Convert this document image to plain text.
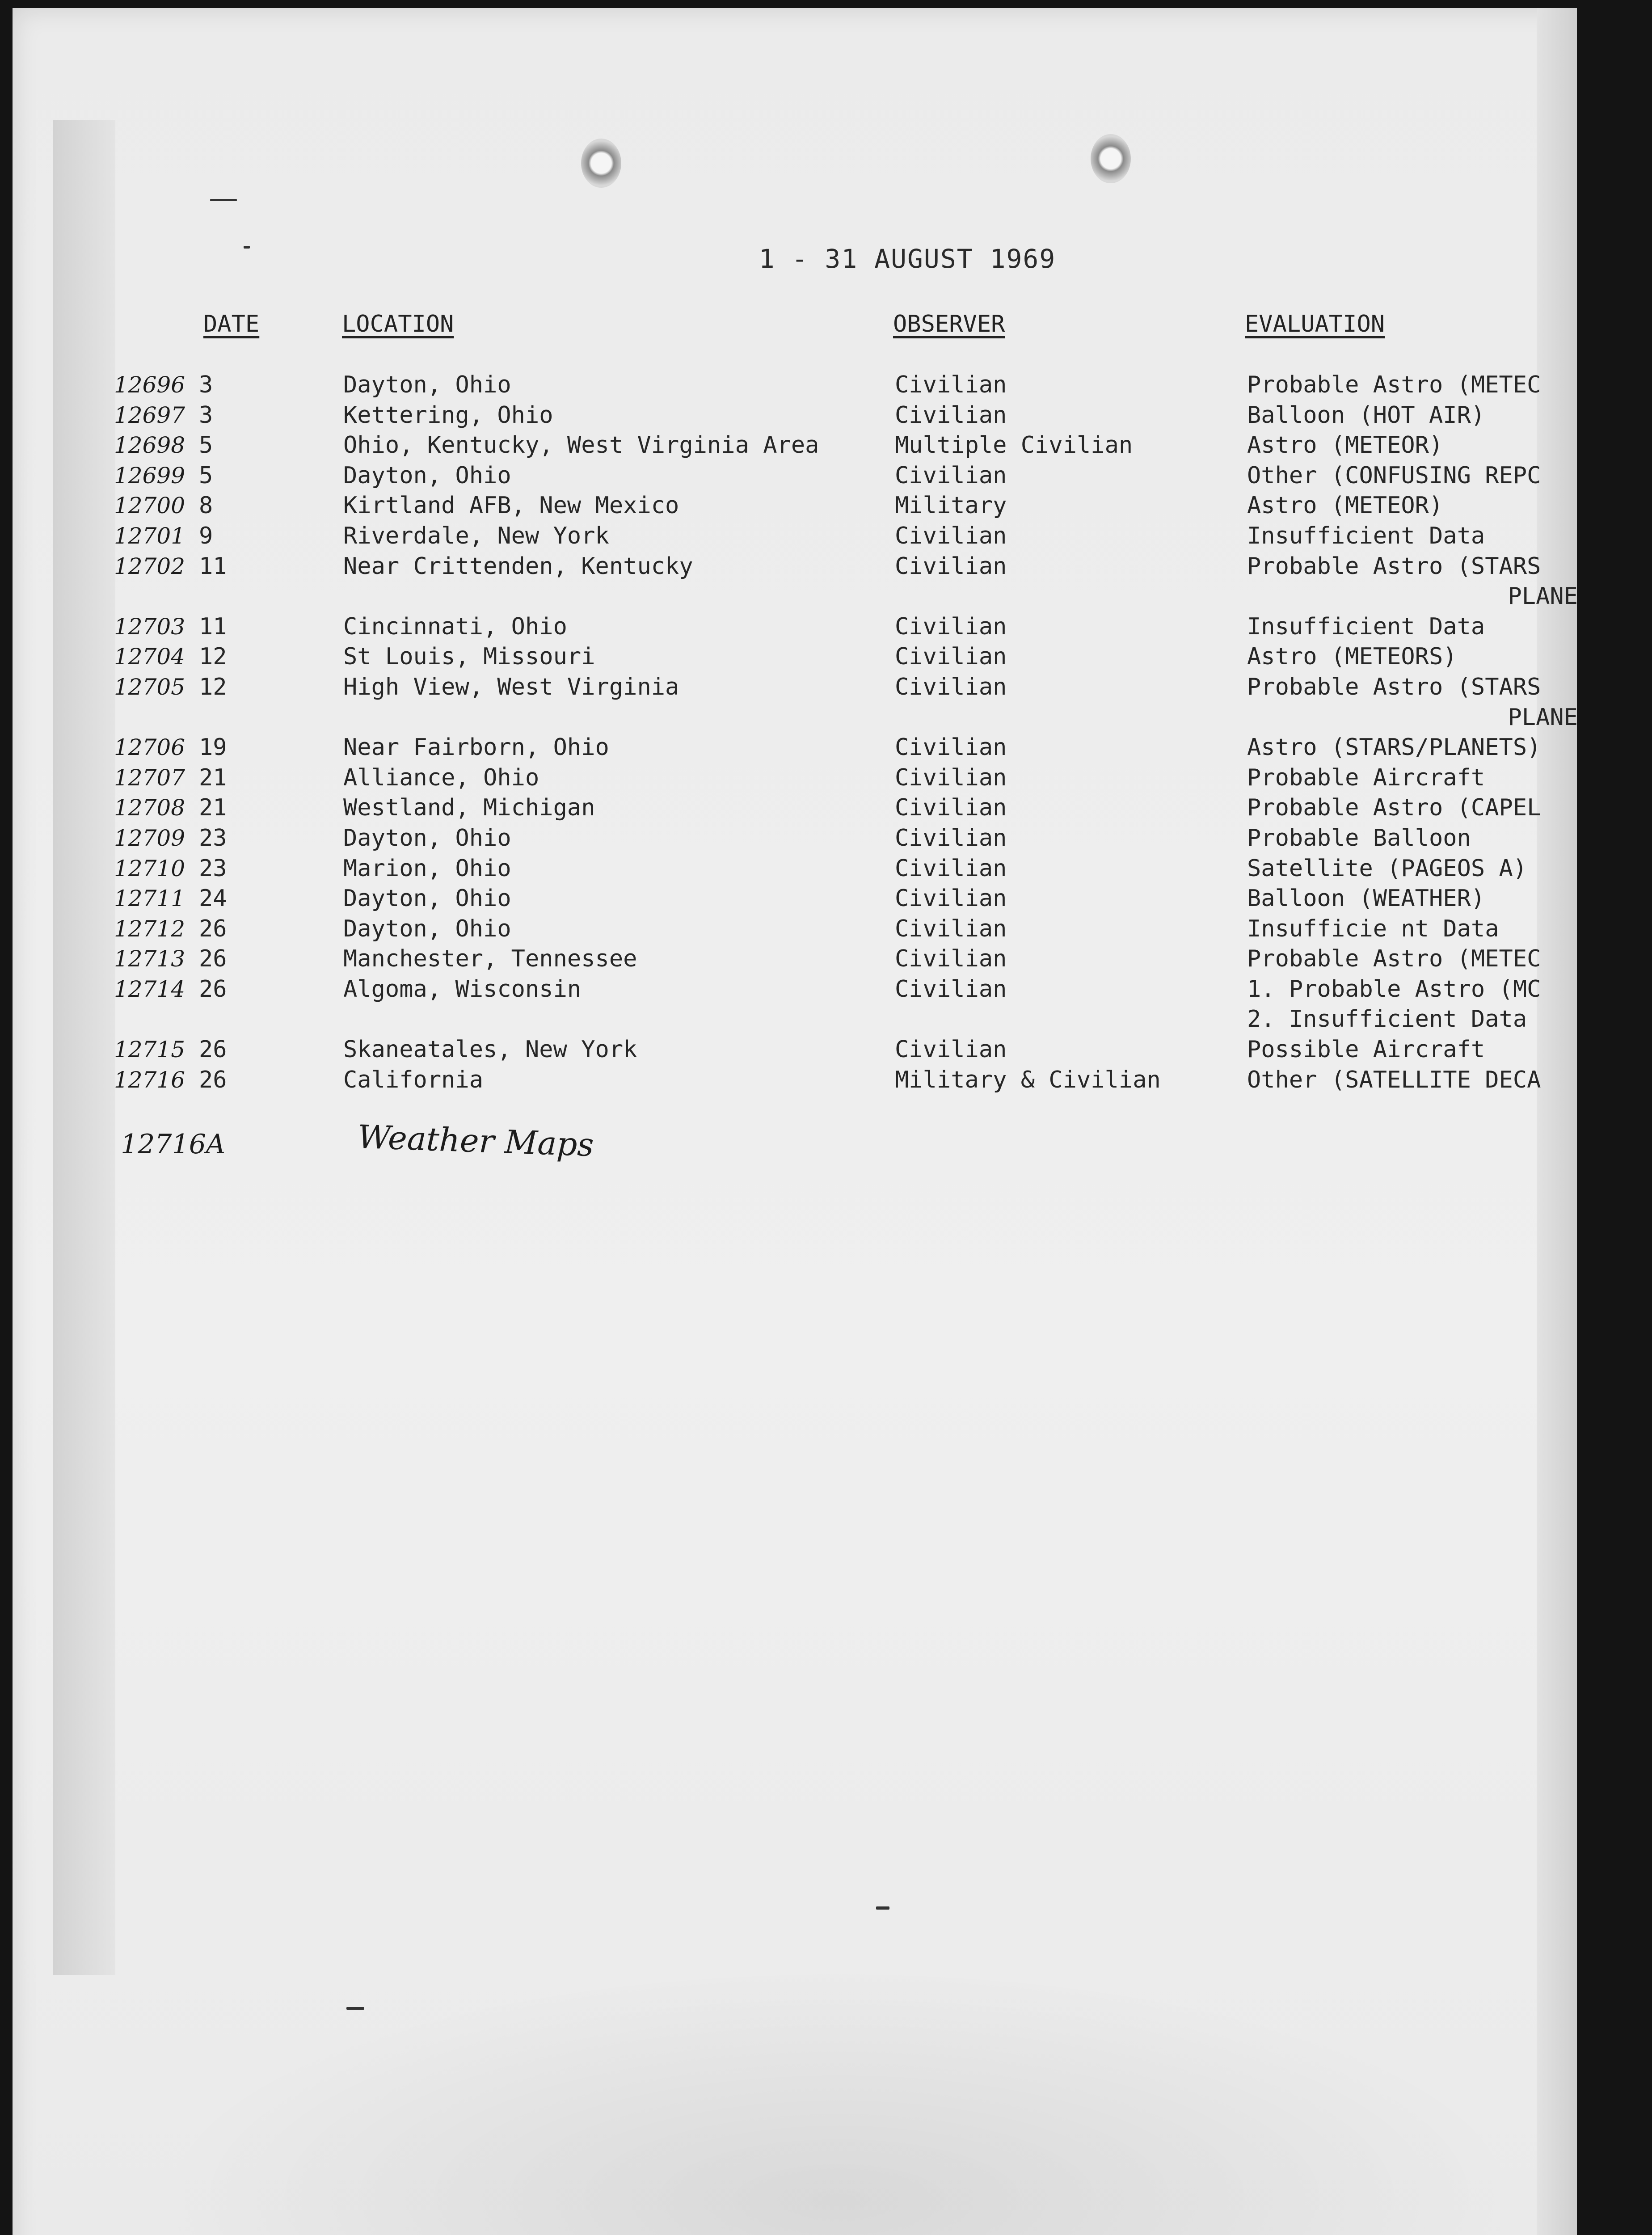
1 - 31 AUGUST 1969
DATE	LOCATION	OBSERVER	EVALUATION
12696 3	Dayton, Ohio	Civilian	Probable Astro (METEC
12697 3	Kettering, Ohio	Civilian	Balloon (HOT AIR)
12698 5	Ohio, Kentucky, West Virginia Area	Multiple Civilian	Astro (METEOR)
12699 5	Dayton, Ohio	Civilian	Other (CONFUSING REPC
12700 8	Kirtland AFB, New Mexico	Military	Astro (METEOR)
12701 9	Riverdale, New York	Civilian	Insufficient Data
12702 11	Near Crittenden, Kentucky	Civilian	Probable Astro (STARS
PLANE
12703 11	Cincinnati, Ohio	Civilian	Insufficient Data
12704 12	St Louis, Missouri	Civilian	Astro (METEORS)
12705 12	High View, West Virginia	Civilian	Probable Astro (STARS
PLANE
12706 19	Near Fairborn, Ohio	Civilian	Astro (STARS/PLANETS)
12707 21	Alliance, Ohio	Civilian	Probable Aircraft
12708 21	Westland, Michigan	Civilian	Probable Astro (CAPEL
12709 23	Dayton, Ohio	Civilian	Probable Balloon
12710 23	Marion, Ohio	Civilian	Satellite (PAGEOS A)
12711 24	Dayton, Ohio	Civilian	Balloon (WEATHER)
12712 26	Dayton, Ohio	Civilian	Insufficie nt Data
12713 26	Manchester, Tennessee	Civilian	Probable Astro (METEC
12714 26	Algoma, Wisconsin	Civilian	1. Probable Astro (MC
2. Insufficient Data
12715 26	Skaneatales, New York	Civilian	Possible Aircraft
12716 26	California	Military & Civilian	Other (SATELLITE DECA
12716A	Weather Maps
